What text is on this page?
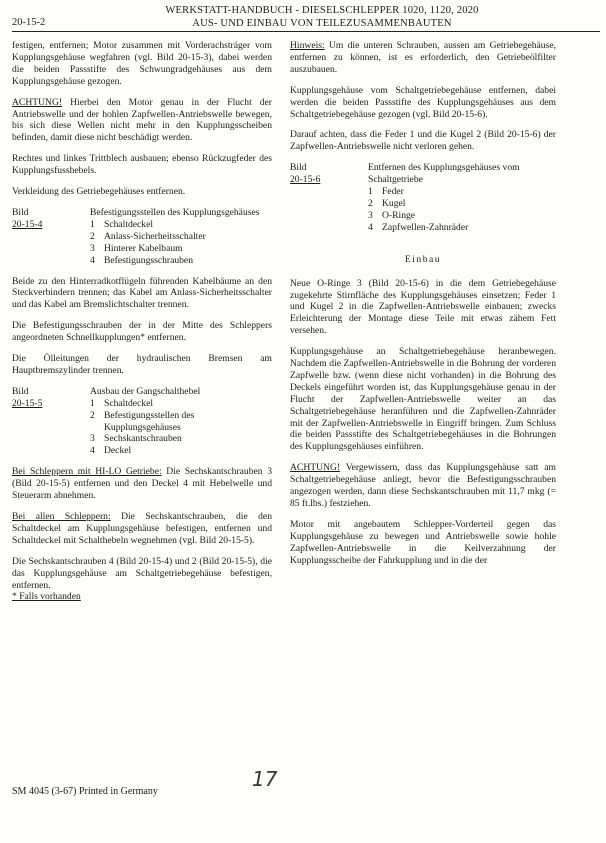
WERKSTATT-HANDBUCH - DIESELSCHLEPPER 1020, 1120, 2020
20-15-2	AUS- UND EINBAU VON TEILEZUSAMMENBAUTEN

festigen, entfernen; Motor zusammen mit Vorderachsträger vom Kupplungsgehäuse wegfahren (vgl. Bild 20-15-3), dabei werden die beiden Passstifte des Schwungradgehäuses aus dem Kupplungsgehäuse gezogen.

ACHTUNG! Hierbei den Motor genau in der Flucht der Antriebswelle und der hohlen Zapfwellen-Antriebswelle bewegen, bis sich diese Wellen nicht mehr in den Kupplungsscheiben befinden, damit diese nicht beschädigt werden.

Rechtes und linkes Trittblech ausbauen; ebenso Rückzugfeder des Kupplungsfusshebels.

Verkleidung des Getriebegehäuses entfernen.

Bild
20-15-4
Befestigungsstellen des Kupplungsgehäuses
1 Schaltdeckel
2 Anlass-Sicherheitsschalter
3 Hinterer Kabelbaum
4 Befestigungsschrauben

Beide zu den Hinterradkotflügeln führenden Kabelbäume an den Steckverbindern trennen; das Kabel am Anlass-Sicherheitsschalter und das Kabel am Bremslichtschalter trennen.

Die Befestigungsschrauben der in der Mitte des Schleppers angeordneten Schnellkupplungen* entfernen.

Die Ölleitungen der hydraulischen Bremsen am Hauptbremszylinder trennen.

Bild
20-15-5
Ausbau der Gangschalthebel
1 Schaltdeckel
2 Befestigungsstellen des Kupplungsgehäuses
3 Sechskantschrauben
4 Deckel

Bei Schleppern mit HI-LO Getriebe: Die Sechskantschrauben 3 (Bild 20-15-5) entfernen und den Deckel 4 mit Hebelwelle und Steuerarm abnehmen.

Bei allen Schleppern: Die Sechskantschrauben, die den Schaltdeckel am Kupplungsgehäuse befestigen, entfernen und Schaltdeckel mit Schalthebeln wegnehmen (vgl. Bild 20-15-5).

Die Sechskantschrauben 4 (Bild 20-15-4) und 2 (Bild 20-15-5), die das Kupplungsgehäuse am Schaltgetriebegehäuse befestigen, entfernen.

* Falls vorhanden

Hinweis: Um die unteren Schrauben, aussen am Getriebegehäuse, entfernen zu können, ist es erforderlich, den Getriebeölfilter auszubauen.

Kupplungsgehäuse vom Schaltgetriebegehäuse entfernen, dabei werden die beiden Passstifte des Kupplungsgehäuses aus dem Schaltgetriebegehäuse gezogen (vgl. Bild 20-15-6).

Darauf achten, dass die Feder 1 und die Kugel 2 (Bild 20-15-6) der Zapfwellen-Antriebswelle nicht verloren gehen.

Bild
20-15-6
Entfernen des Kupplungsgehäuses vom Schaltgetriebe
1 Feder
2 Kugel
3 O-Ringe
4 Zapfwellen-Zahnräder
Einbau

Neue O-Ringe 3 (Bild 20-15-6) in die dem Getriebegehäuse zugekehrte Stirnfläche des Kupplungsgehäuses einsetzen; Feder 1 und Kugel 2 in die Zapfwellen-Antriebswelle einbauen; zwecks Erleichterung der Montage diese Teile mit etwas zähem Fett versehen.

Kupplungsgehäuse an Schaltgetriebegehäuse heranbewegen. Nachdem die Zapfwellen-Antriebswelle in die Bohrung der vorderen Zapfwelle bzw. (wenn diese nicht vorhanden) in die Bohrung des Deckels eingeführt worden ist, das Kupplungsgehäuse genau in der Flucht der Zapfwellen-Antriebswelle weiter an das Schaltgetriebegehäuse heranführen und die Zapfwellen-Zahnräder mit der Zapfwellen-Antriebswelle in Eingriff bringen. Zum Schluss die beiden Passstifte des Schaltgetriebegehäuses in die Bohrungen des Kupplungsgehäuses einführen.

ACHTUNG! Vergewissern, dass das Kupplungsgehäuse satt am Schaltgetriebegehäuse anliegt, bevor die Befestigungsschrauben angezogen werden, dann diese Sechskantschrauben mit 11,7 mkg (= 85 ft.lbs.) festziehen.

Motor mit angebautem Schlepper-Vorderteil gegen das Kupplungsgehäuse zu bewegen und Antriebswelle sowie hohle Zapfwellen-Antriebswelle in die Keilverzahnung der Kupplungsscheibe der Fahrkupplung und in die der

17
SM 4045 (3-67) Printed in Germany
